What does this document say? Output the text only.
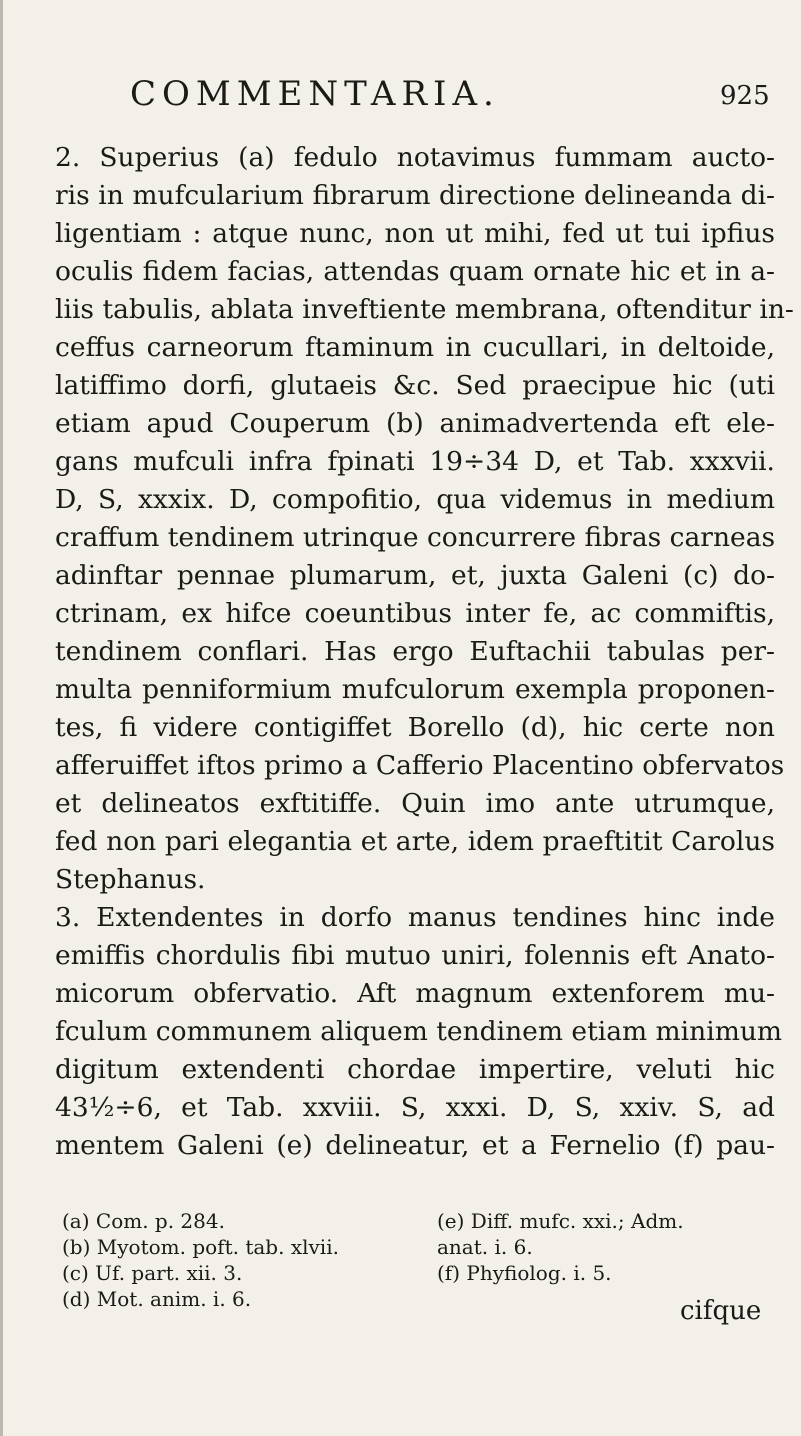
COMMENTARIA.	925
2. Superius (a) fedulo notavimus fummam aucto-
ris in mufcularium fibrarum directione delineanda di-
ligentiam : atque nunc, non ut mihi, fed ut tui ipfius
oculis fidem facias, attendas quam ornate hic et in a-
liis tabulis, ablata inveftiente membrana, oftenditur in-
ceffus carneorum ftaminum in cucullari, in deltoide,
latiffimo dorfi, glutaeis &c. Sed praecipue hic (uti
etiam apud Couperum (b) animadvertenda eft ele-
gans mufculi infra fpinati 19÷34 D, et Tab. xxxvii.
D, S, xxxix. D, compofitio, qua videmus in medium
craffum tendinem utrinque concurrere fibras carneas
adinftar pennae plumarum, et, juxta Galeni (c) do-
ctrinam, ex hifce coeuntibus inter fe, ac commiftis,
tendinem conflari. Has ergo Euftachii tabulas per-
multa penniformium mufculorum exempla proponen-
tes, fi videre contigiffet Borello (d), hic certe non
afferuiffet iftos primo a Cafferio Placentino obfervatos
et delineatos exftitiffe. Quin imo ante utrumque,
fed non pari elegantia et arte, idem praeftitit Carolus
Stephanus.
3. Extendentes in dorfo manus tendines hinc inde
emiffis chordulis fibi mutuo uniri, folennis eft Anato-
micorum obfervatio. Aft magnum extenforem mu-
fculum communem aliquem tendinem etiam minimum
digitum extendenti chordae impertire, veluti hic
43½÷6, et Tab. xxviii. S, xxxi. D, S, xxiv. S, ad
mentem Galeni (e) delineatur, et a Fernelio (f) pau-
(a) Com. p. 284.
(b) Myotom. poft. tab. xlvii.
(c) Uf. part. xii. 3.
(d) Mot. anim. i. 6.
(e) Diff. mufc. xxi.; Adm.
anat. i. 6.
(f) Phyfiolog. i. 5.
cifque
